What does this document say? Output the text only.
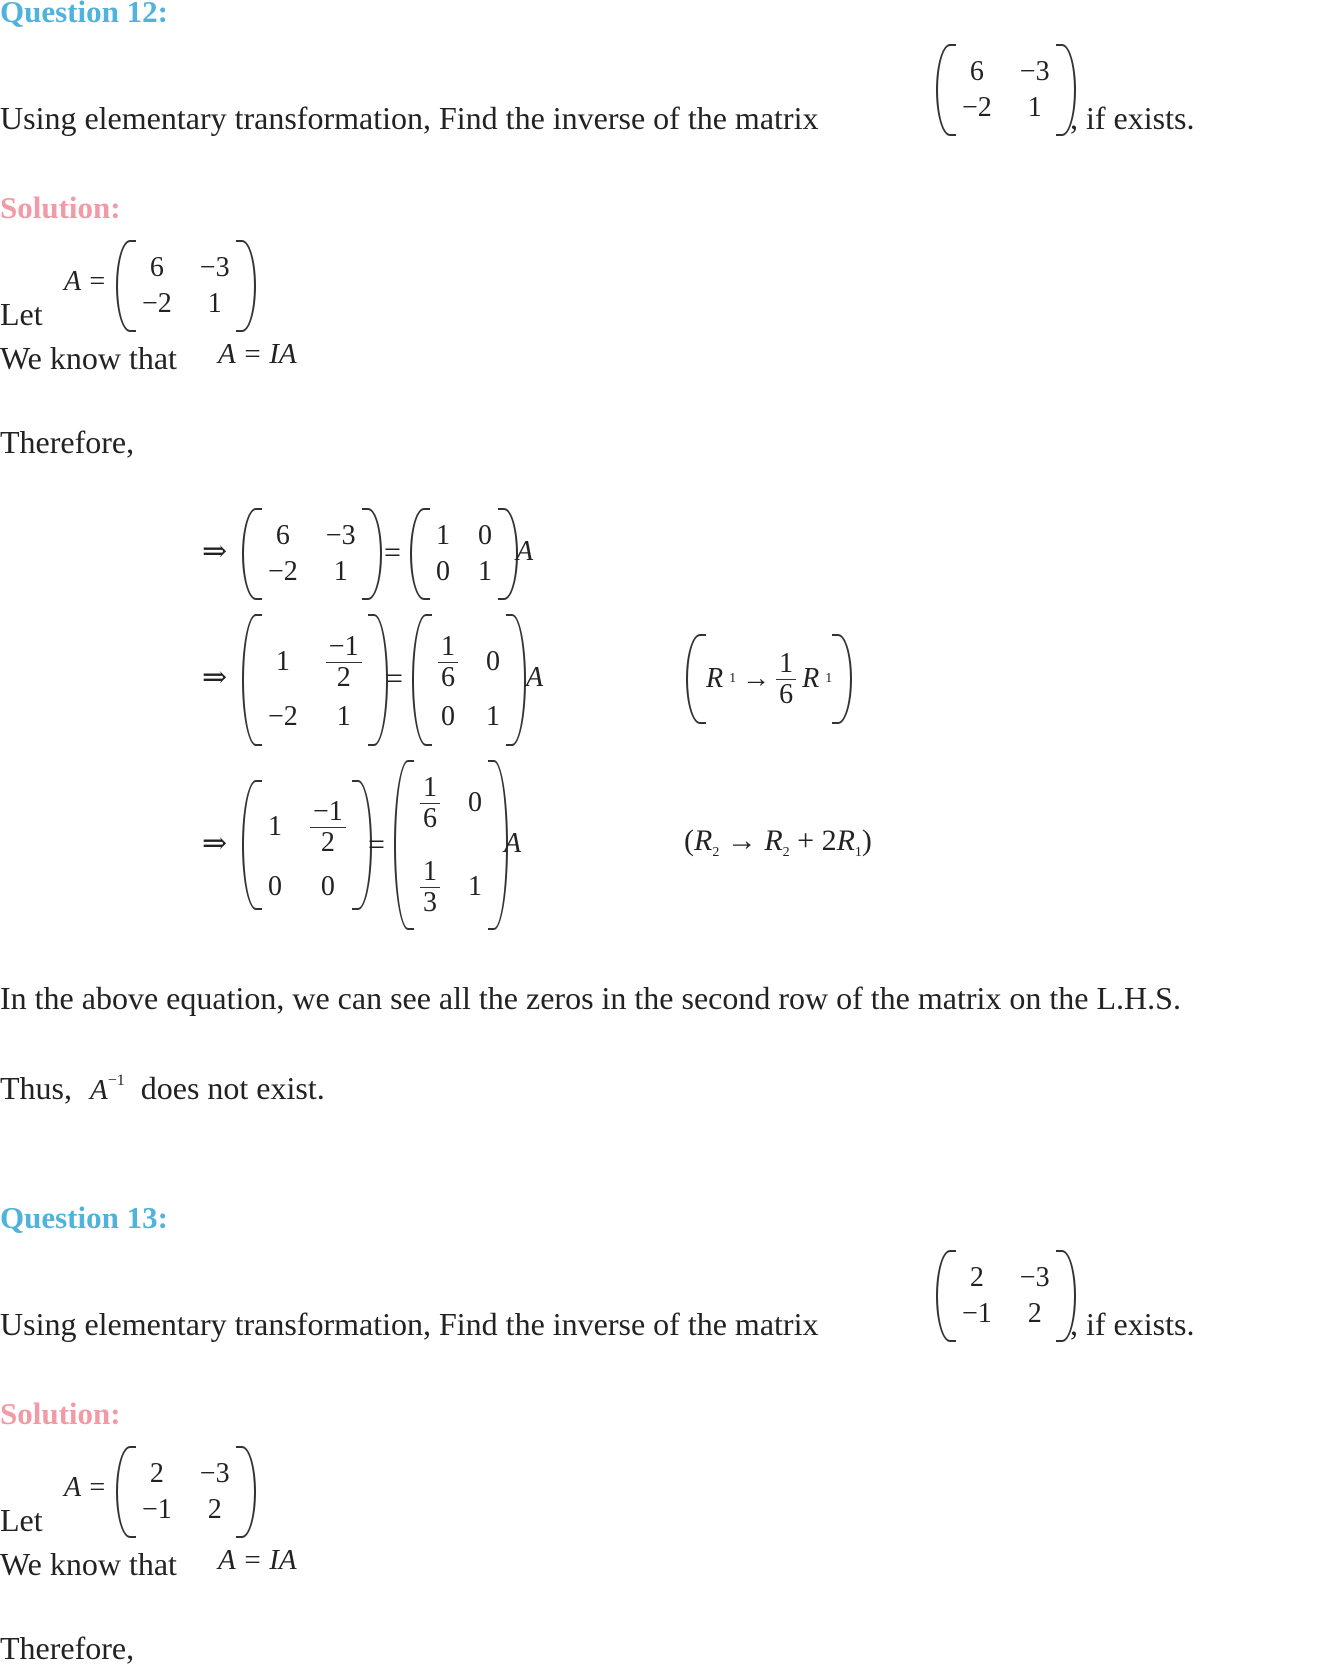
Question 12:
Using elementary transformation, Find the inverse of the matrix
6	−3
−2	1 , if exists.
Solution:
Let
A = 6	−3
−2	1
We know that A = IA
Therefore,
⇒ 6	−3
−2	1
=
1	0
0	1
A
⇒ 1	$\frac{-1}{2}$

−2	1
= $\frac{1}{6}$	0
0	1
A	R $1 \to \frac{1}{6}$ R 1
⇒
1	$\frac{-1}{2}$

0	0
=
$\frac{1}{6}$	0

$\frac{1}{3}$	1
A	$(R_2 \to R_2 + 2R_1)$
In the above equation, we can see all the zeros in the second row of the matrix on the L.H.S.
Thus, $A^{-1}$ does not exist.
Question 13:
Using elementary transformation, Find the inverse of the matrix
2	−3
−1	2 , if exists.
Solution:
Let
A = 2	−3
−1	2
We know that A = IA
Therefore,
